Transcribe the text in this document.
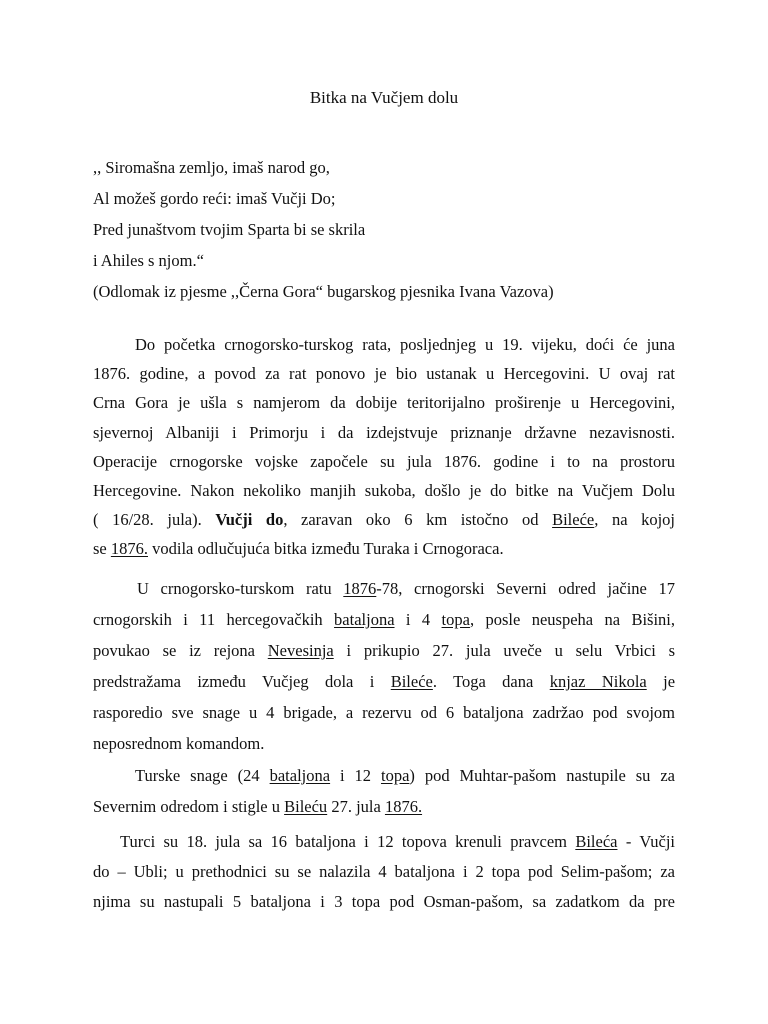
Bitka na Vučjem dolu
,, Siromašna zemljo, imaš narod go,
Al možeš gordo reći: imaš Vučji Do;
Pred junaštvom tvojim Sparta bi se skrila
i Ahiles s njom.“
(Odlomak iz pjesme ,,Černa Gora“ bugarskog pjesnika Ivana Vazova)
Do početka crnogorsko-turskog rata, posljednjeg u 19. vijeku, doći će juna
1876. godine, a povod za rat ponovo je bio ustanak u Hercegovini. U ovaj rat
Crna Gora je ušla s namjerom da dobije teritorijalno proširenje u Hercegovini,
sjevernoj Albaniji i Primorju i da izdejstvuje priznanje državne nezavisnosti.
Operacije crnogorske vojske započele su jula 1876. godine i to na prostoru
Hercegovine. Nakon nekoliko manjih sukoba, došlo je do bitke na Vučjem Dolu
( 16/28. jula). Vučji do, zaravan oko 6 km istočno od Bileće, na kojoj
se 1876. vodila odlučujuća bitka između Turaka i Crnogoraca.
U crnogorsko-turskom ratu 1876-78, crnogorski Severni odred jačine 17
crnogorskih i 11 hercegovačkih bataljona i 4 topa, posle neuspeha na Bišini,
povukao se iz rejona Nevesinja i prikupio 27. jula uveče u selu Vrbici s
predstražama između Vučjeg dola i Bileće. Toga dana knjaz Nikola je
rasporedio sve snage u 4 brigade, a rezervu od 6 bataljona zadržao pod svojom
neposrednom komandom.
Turske snage (24 bataljona i 12 topa) pod Muhtar-pašom nastupile su za
Severnim odredom i stigle u Bileću 27. jula 1876.
Turci su 18. jula sa 16 bataljona i 12 topova krenuli pravcem Bileća - Vučji
do – Ubli; u prethodnici su se nalazila 4 bataljona i 2 topa pod Selim-pašom; za
njima su nastupali 5 bataljona i 3 topa pod Osman-pašom, sa zadatkom da pre
